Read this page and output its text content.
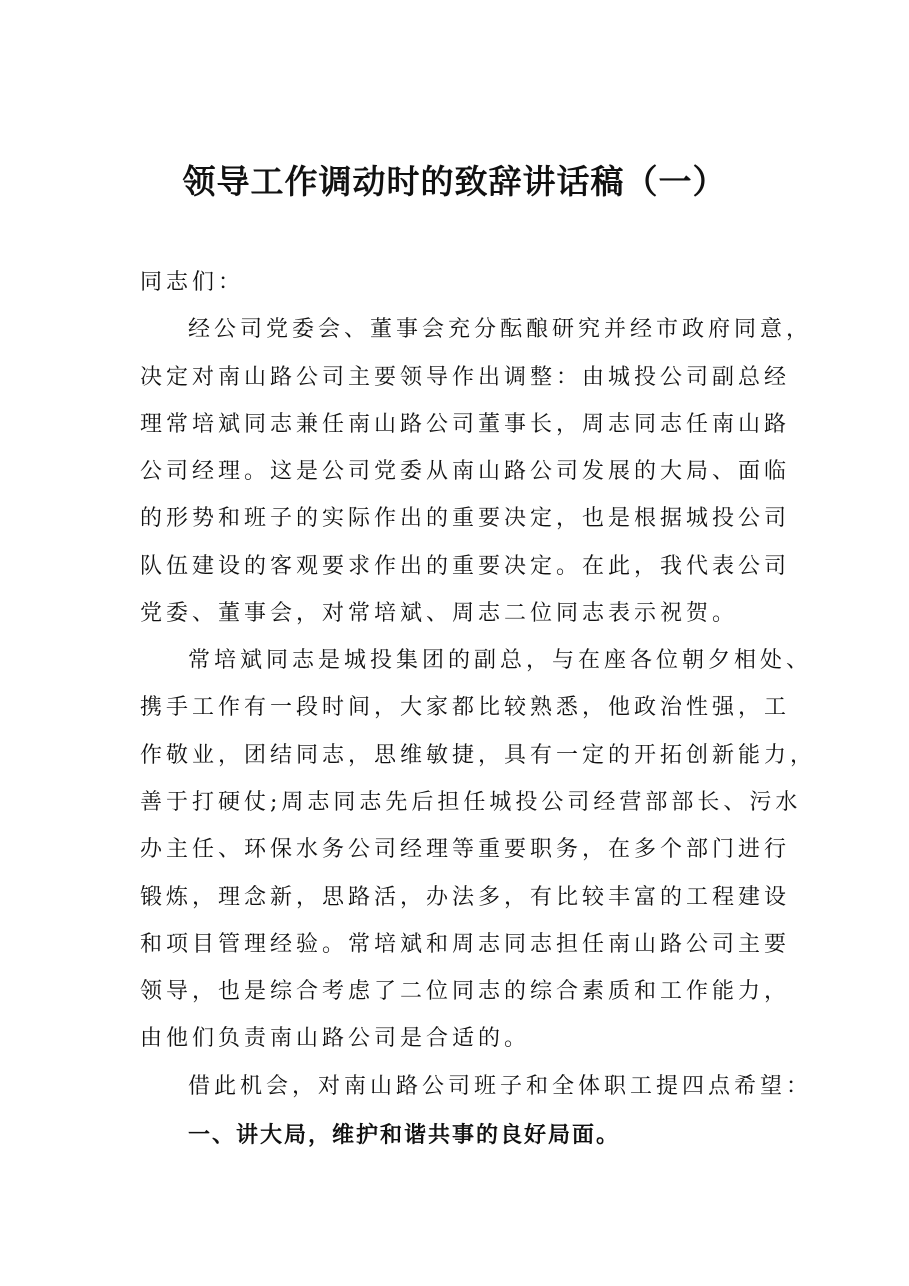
领导工作调动时的致辞讲话稿（一）

同志们：

经公司党委会、董事会充分酝酿研究并经市政府同意，

决定对南山路公司主要领导作出调整：由城投公司副总经

理常培斌同志兼任南山路公司董事长，周志同志任南山路

公司经理。这是公司党委从南山路公司发展的大局、面临

的形势和班子的实际作出的重要决定，也是根据城投公司

队伍建设的客观要求作出的重要决定。在此，我代表公司

党委、董事会，对常培斌、周志二位同志表示祝贺。

常培斌同志是城投集团的副总，与在座各位朝夕相处、

携手工作有一段时间，大家都比较熟悉，他政治性强，工

作敬业，团结同志，思维敏捷，具有一定的开拓创新能力，

善于打硬仗;周志同志先后担任城投公司经营部部长、污水

办主任、环保水务公司经理等重要职务，在多个部门进行

锻炼，理念新，思路活，办法多，有比较丰富的工程建设

和项目管理经验。常培斌和周志同志担任南山路公司主要

领导，也是综合考虑了二位同志的综合素质和工作能力，

由他们负责南山路公司是合适的。

借此机会，对南山路公司班子和全体职工提四点希望：

一、讲大局，维护和谐共事的良好局面。
